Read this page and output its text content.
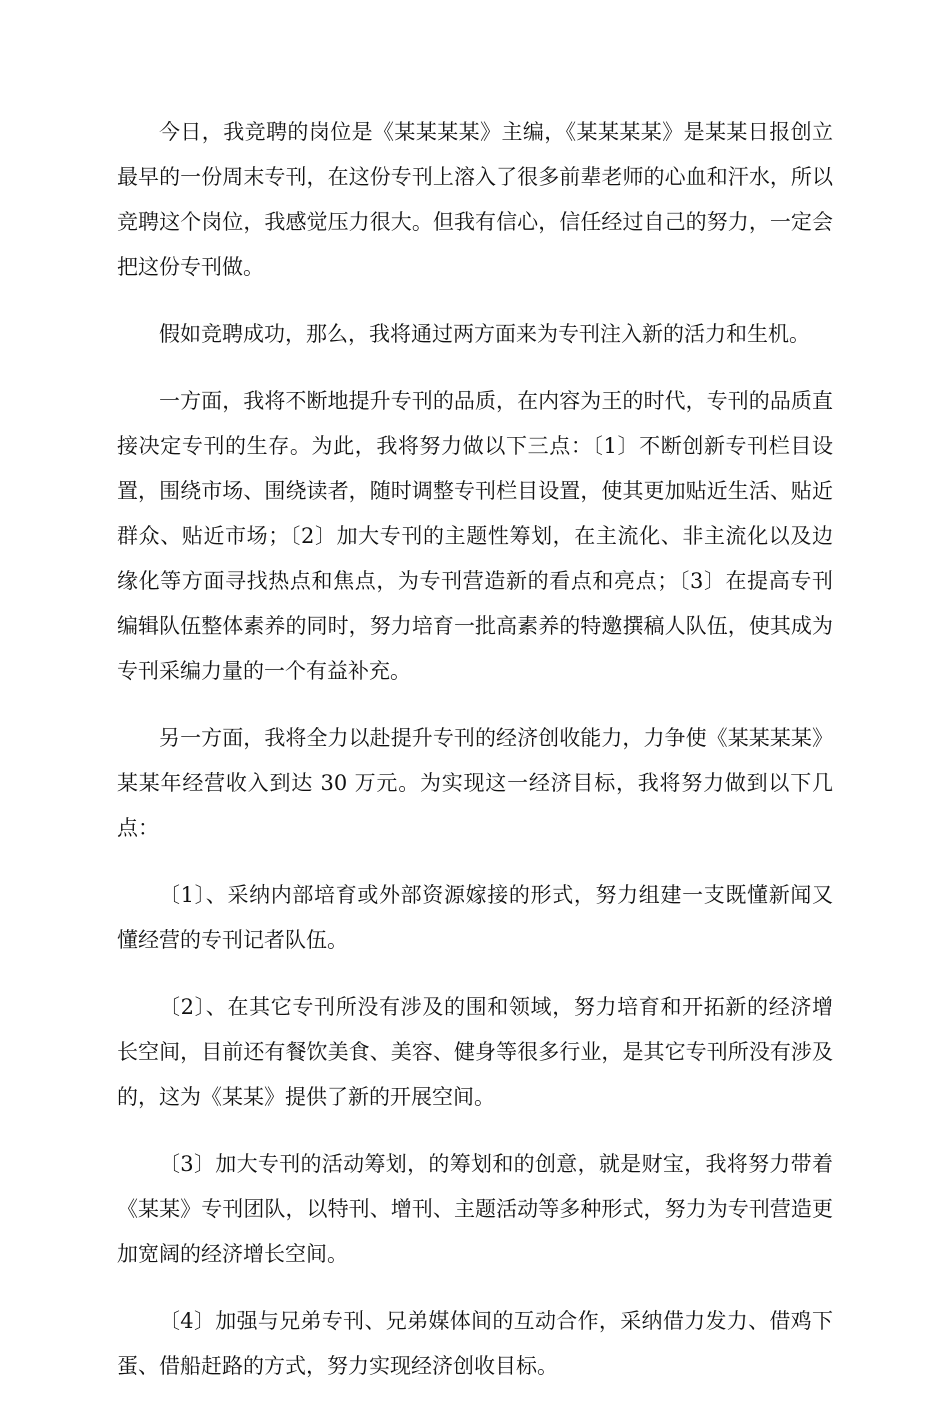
今日，我竞聘的岗位是《某某某某》主编，《某某某某》是某某日报创立最早的一份周末专刊，在这份专刊上溶入了很多前辈老师的心血和汗水，所以竞聘这个岗位，我感觉压力很大。但我有信心，信任经过自己的努力，一定会把这份专刊做。

假如竞聘成功，那么，我将通过两方面来为专刊注入新的活力和生机。

一方面，我将不断地提升专刊的品质，在内容为王的时代，专刊的品质直接决定专刊的生存。为此，我将努力做以下三点：〔1〕不断创新专刊栏目设置，围绕市场、围绕读者，随时调整专刊栏目设置，使其更加贴近生活、贴近群众、贴近市场；〔2〕加大专刊的主题性筹划，在主流化、非主流化以及边缘化等方面寻找热点和焦点，为专刊营造新的看点和亮点；〔3〕在提高专刊编辑队伍整体素养的同时，努力培育一批高素养的特邀撰稿人队伍，使其成为专刊采编力量的一个有益补充。

另一方面，我将全力以赴提升专刊的经济创收能力，力争使《某某某某》某某年经营收入到达 30 万元。为实现这一经济目标，我将努力做到以下几点：

〔1〕、采纳内部培育或外部资源嫁接的形式，努力组建一支既懂新闻又懂经营的专刊记者队伍。

〔2〕、在其它专刊所没有涉及的围和领域，努力培育和开拓新的经济增长空间，目前还有餐饮美食、美容、健身等很多行业，是其它专刊所没有涉及的，这为《某某》提供了新的开展空间。

〔3〕加大专刊的活动筹划，的筹划和的创意，就是财宝，我将努力带着《某某》专刊团队，以特刊、增刊、主题活动等多种形式，努力为专刊营造更加宽阔的经济增长空间。

〔4〕加强与兄弟专刊、兄弟媒体间的互动合作，采纳借力发力、借鸡下蛋、借船赶路的方式，努力实现经济创收目标。
